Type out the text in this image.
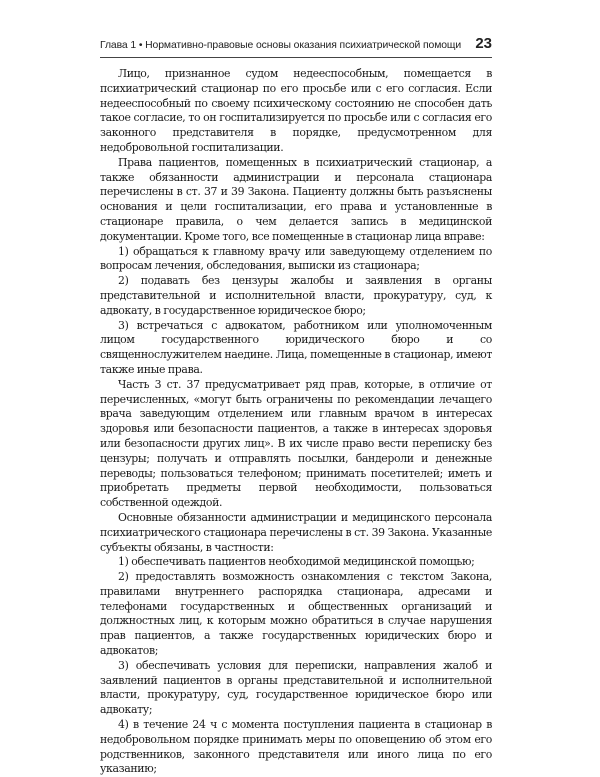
Глава 1 • Нормативно-правовые основы оказания психиатрической помощи 23

Лицо, признанное судом недееспособным, помещается в психиатрический стационар по его просьбе или с его согласия. Если недееспособный по своему психическому состоянию не способен дать такое согласие, то он госпитализируется по просьбе или с согласия его законного представителя в порядке, предусмотренном для недобровольной госпитализации.

Права пациентов, помещенных в психиатрический стационар, а также обязанности администрации и персонала стационара перечислены в ст. 37 и 39 Закона. Пациенту должны быть разъяснены основания и цели госпитализации, его права и установленные в стационаре правила, о чем делается запись в медицинской документации. Кроме того, все помещенные в стационар лица вправе:

1) обращаться к главному врачу или заведующему отделением по вопросам лечения, обследования, выписки из стационара;

2) подавать без цензуры жалобы и заявления в органы представительной и исполнительной власти, прокуратуру, суд, к адвокату, в государственное юридическое бюро;

3) встречаться с адвокатом, работником или уполномоченным лицом государственного юридического бюро и со священнослужителем наедине. Лица, помещенные в стационар, имеют также иные права.

Часть 3 ст. 37 предусматривает ряд прав, которые, в отличие от перечисленных, «могут быть ограничены по рекомендации лечащего врача заведующим отделением или главным врачом в интересах здоровья или безопасности пациентов, а также в интересах здоровья или безопасности других лиц». В их числе право вести переписку без цензуры; получать и отправлять посылки, бандероли и денежные переводы; пользоваться телефоном; принимать посетителей; иметь и приобретать предметы первой необходимости, пользоваться собственной одеждой.

Основные обязанности администрации и медицинского персонала психиатрического стационара перечислены в ст. 39 Закона. Указанные субъекты обязаны, в частности:

1) обеспечивать пациентов необходимой медицинской помощью;

2) предоставлять возможность ознакомления с текстом Закона, правилами внутреннего распорядка стационара, адресами и телефонами государственных и общественных организаций и должностных лиц, к которым можно обратиться в случае нарушения прав пациентов, а также государственных юридических бюро и адвокатов;

3) обеспечивать условия для переписки, направления жалоб и заявлений пациентов в органы представительной и исполнительной власти, прокуратуру, суд, государственное юридическое бюро или адвокату;

4) в течение 24 ч с момента поступления пациента в стационар в недобровольном порядке принимать меры по оповещению об этом его родственников, законного представителя или иного лица по его указанию;
